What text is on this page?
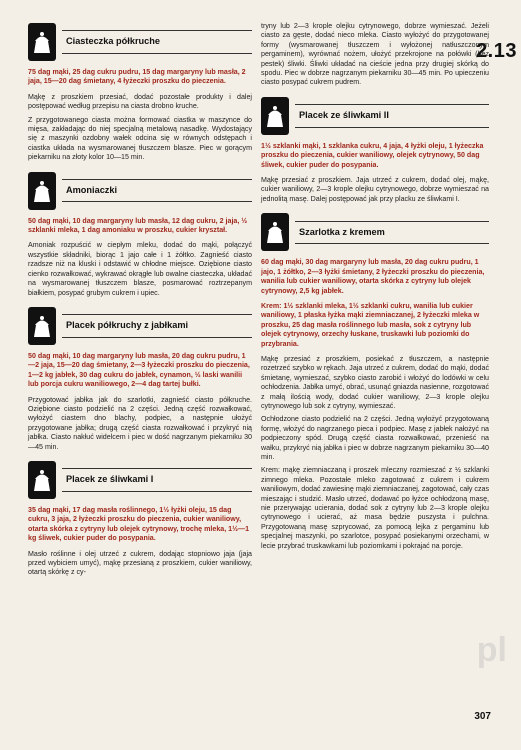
2.13
Ciasteczka półkruche
75 dag mąki, 25 dag cukru pudru, 15 dag margaryny lub masła, 2 jaja, 15—20 dag śmietany, 4 łyżeczki proszku do pieczenia.

Mąkę z proszkiem przesiać, dodać pozostałe produkty i dalej postępować według przepisu na ciasta drobno kruche.

Z przygotowanego ciasta można formować ciastka w maszynce do mięsa, zakładając do niej specjalną metalową nasadkę. Wydostający się z maszynki ozdobny wałek odcina się w równych odstępach i ciastka układa na wysmarowanej tłuszczem blasze. Piec w gorącym piekarniku na złoty kolor 10—15 min.

Amoniaczki
50 dag mąki, 10 dag margaryny lub masła, 12 dag cukru, 2 jaja, ½ szklanki mleka, 1 dag amoniaku w proszku, cukier kryształ.

Amoniak rozpuścić w ciepłym mleku, dodać do mąki, połączyć wszystkie składniki, biorąc 1 jajo całe i 1 żółtko. Zagnieść ciasto rzadsze niż na kluski i odstawić w chłodne miejsce. Oziębione ciasto cienko rozwałkować, wykrawać okrągłe lub owalne ciasteczka, układać na wysmarowanej tłuszczem blasze, posmarować roztrzepanym białkiem, posypać grubym cukrem i upiec.

Placek półkruchy z jabłkami
50 dag mąki, 10 dag margaryny lub masła, 20 dag cukru pudru, 1—2 jaja, 15—20 dag śmietany, 2—3 łyżeczki proszku do pieczenia, 1—2 kg jabłek, 30 dag cukru do jabłek, cynamon, ½ laski wanilii lub porcja cukru waniliowego, 2—4 dag tartej bułki.

Przygotować jabłka jak do szarlotki, zagnieść ciasto półkruche. Oziębione ciasto podzielić na 2 części. Jedną część rozwałkować, wyłożyć ciastem dno blachy, podpiec, a następnie ułożyć przygotowane jabłka; drugą część ciasta rozwałkować i przykryć nią jabłka. Ciasto nakłuć widelcem i piec w dość nagrzanym piekarniku 30—45 min.

Placek ze śliwkami I
35 dag mąki, 17 dag masła roślinnego, 1½ łyżki oleju, 15 dag cukru, 3 jaja, 2 łyżeczki proszku do pieczenia, cukier waniliowy, otarta skórka z cytryny lub olejek cytrynowy, trochę mleka, 1½—1 kg śliwek, cukier puder do posypania.

Masło roślinne i olej utrzeć z cukrem, dodając stopniowo jaja (jaja przed wybiciem umyć), mąkę przesianą z proszkiem, cukier waniliowy, otartą skórkę z cy-

tryny lub 2—3 krople olejku cytrynowego, dobrze wymieszać. Jeżeli ciasto za gęste, dodać nieco mleka. Ciasto wyłożyć do przygotowanej formy (wysmarowanej tłuszczem i wyłożonej natłuszczonym pergaminem), wyrównać nożem, ułożyć przekrojone na połówki (bez pestek) śliwki. Śliwki układać na cieście jedna przy drugiej skórką do spodu. Piec w dobrze nagrzanym piekarniku 30—45 min. Po upieczeniu ciasto posypać cukrem pudrem.

Placek ze śliwkami II
1½ szklanki mąki, 1 szklanka cukru, 4 jaja, 4 łyżki oleju, 1 łyżeczka proszku do pieczenia, cukier waniliowy, olejek cytrynowy, 50 dag śliwek, cukier puder do posypania.

Mąkę przesiać z proszkiem. Jaja utrzeć z cukrem, dodać olej, mąkę, cukier waniliowy, 2—3 krople olejku cytrynowego, dobrze wymieszać na jednolitą masę. Dalej postępować jak przy placku ze śliwkami I.

Szarlotka z kremem
60 dag mąki, 30 dag margaryny lub masła, 20 dag cukru pudru, 1 jajo, 1 żółtko, 2—3 łyżki śmietany, 2 łyżeczki proszku do pieczenia, wanilia lub cukier waniliowy, otarta skórka z cytryny lub olejek cytrynowy, 2,5 kg jabłek.
Krem: 1½ szklanki mleka, 1½ szklanki cukru, wanilia lub cukier waniliowy, 1 płaska łyżka mąki ziemniaczanej, 2 łyżeczki mleka w proszku, 25 dag masła roślinnego lub masła, sok z cytryny lub olejek cytrynowy, orzechy łuskane, truskawki lub poziomki do przybrania.

Mąkę przesiać z proszkiem, posiekać z tłuszczem, a następnie rozetrzeć szybko w rękach. Jaja utrzeć z cukrem, dodać do mąki, dodać śmietanę, wymieszać, szybko ciasto zarobić i włożyć do lodówki w celu ochłodzenia. Jabłka umyć, obrać, usunąć gniazda nasienne, rozgotować z małą ilością wody, dodać cukier waniliowy, 2—3 krople olejku cytrynowego lub sok z cytryny, wymieszać.

Ochłodzone ciasto podzielić na 2 części. Jedną wyłożyć przygotowaną formę, włożyć do nagrzanego pieca i podpiec. Masę z jabłek nałożyć na podpieczony spód. Drugą część ciasta rozwałkować, przenieść na wałku, przykryć nią jabłka i piec w dobrze nagrzanym piekarniku 30—40 min.

Krem: mąkę ziemniaczaną i proszek mleczny rozmieszać z ½ szklanki zimnego mleka. Pozostałe mleko zagotować z cukrem i cukrem waniliowym, dodać zawiesinę mąki ziemniaczanej, zagotować, cały czas mieszając i studzić. Masło utrzeć, dodawać po łyżce ochłodzoną masę, nie przerywając ucierania, dodać sok z cytryny lub 2—3 krople olejku cytrynowego i ucierać, aż masa będzie puszysta i pulchna. Przygotowaną masę szprycować, za pomocą lejka z pergaminu lub specjalnej maszynki, po szarlotce, posypać posiekanymi orzechami, w lecie przybrać truskawkami lub poziomkami i pokrajać na porcje.

pl
307
